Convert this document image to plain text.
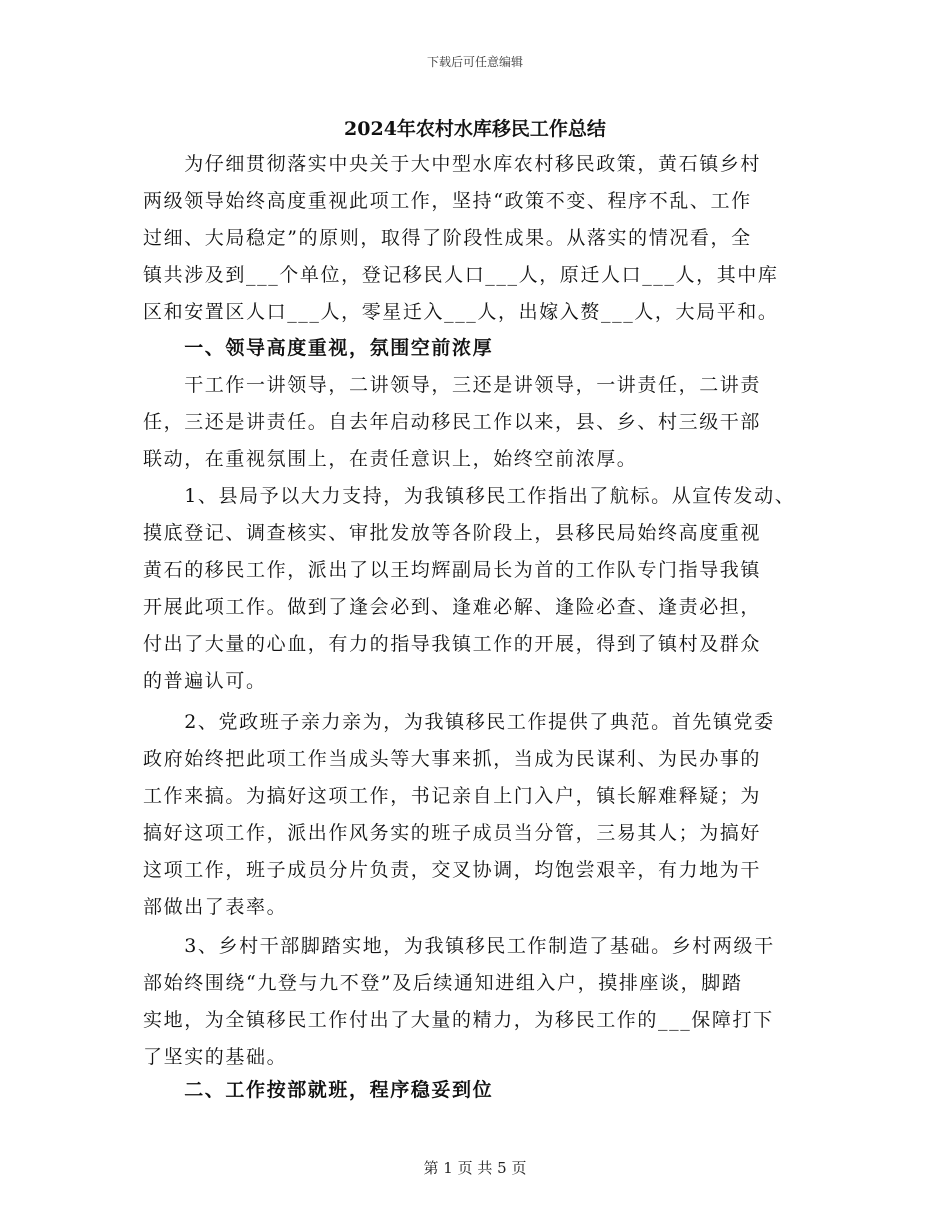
下载后可任意编辑
2024年农村水库移民工作总结
　　为仔细贯彻落实中央关于大中型水库农村移民政策，黄石镇乡村
两级领导始终高度重视此项工作，坚持“政策不变、程序不乱、工作
过细、大局稳定”的原则，取得了阶段性成果。从落实的情况看，全
镇共涉及到___个单位，登记移民人口___人，原迁人口___人，其中库
区和安置区人口___人，零星迁入___人，出嫁入赘___人，大局平和。
　　一、领导高度重视，氛围空前浓厚
　　干工作一讲领导，二讲领导，三还是讲领导，一讲责任，二讲责
任，三还是讲责任。自去年启动移民工作以来，县、乡、村三级干部
联动，在重视氛围上，在责任意识上，始终空前浓厚。
　　1、县局予以大力支持，为我镇移民工作指出了航标。从宣传发动、
摸底登记、调查核实、审批发放等各阶段上，县移民局始终高度重视
黄石的移民工作，派出了以王均辉副局长为首的工作队专门指导我镇
开展此项工作。做到了逢会必到、逢难必解、逢险必查、逢责必担，
付出了大量的心血，有力的指导我镇工作的开展，得到了镇村及群众
的普遍认可。
　　2、党政班子亲力亲为，为我镇移民工作提供了典范。首先镇党委
政府始终把此项工作当成头等大事来抓，当成为民谋利、为民办事的
工作来搞。为搞好这项工作，书记亲自上门入户，镇长解难释疑；为
搞好这项工作，派出作风务实的班子成员当分管，三易其人；为搞好
这项工作，班子成员分片负责，交叉协调，均饱尝艰辛，有力地为干
部做出了表率。
　　3、乡村干部脚踏实地，为我镇移民工作制造了基础。乡村两级干
部始终围绕“九登与九不登”及后续通知进组入户，摸排座谈，脚踏
实地，为全镇移民工作付出了大量的精力，为移民工作的___保障打下
了坚实的基础。
　　二、工作按部就班，程序稳妥到位
第 1 页 共 5 页
